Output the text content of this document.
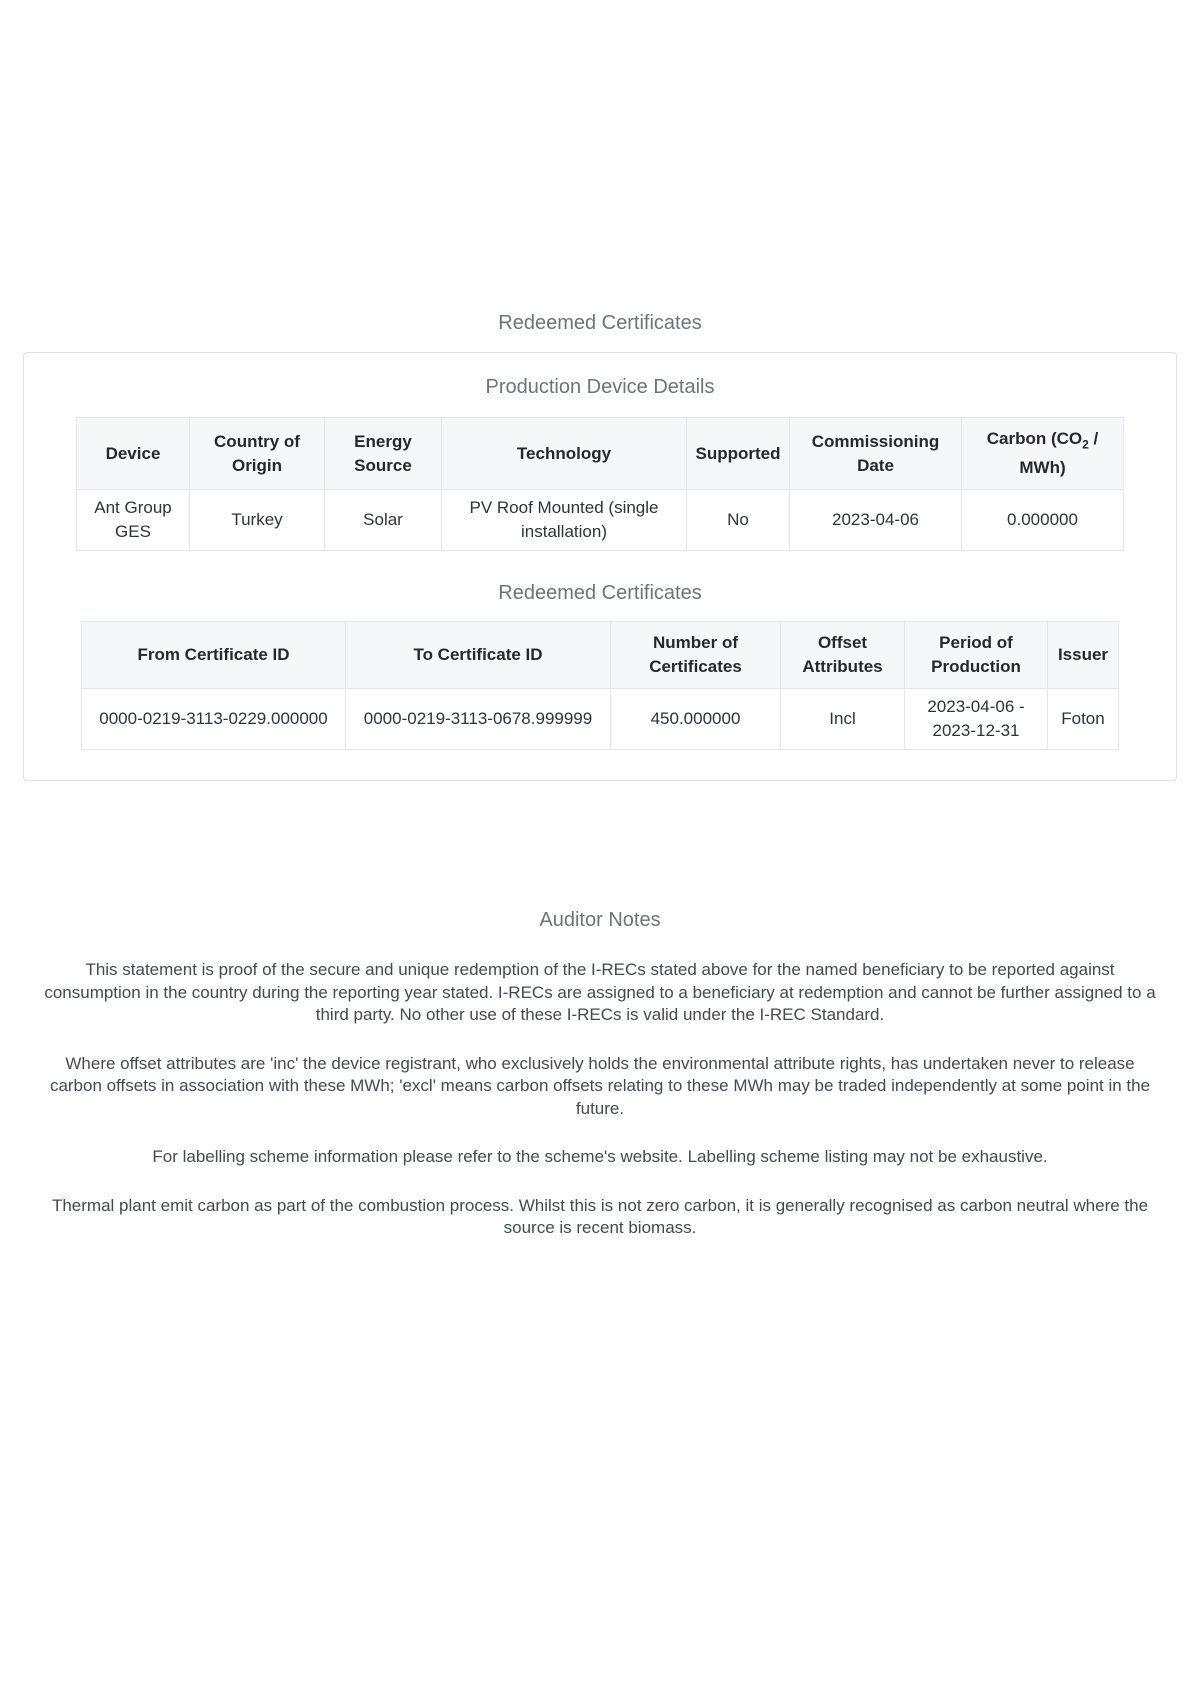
Redeemed Certificates
Production Device Details
Device	Country of Origin	Energy Source	Technology	Supported	Commissioning Date	Carbon $(CO_2 / MWh)$
Ant Group GES	Turkey	Solar	PV Roof Mounted (single installation)	No	2023-04-06	0.000000
Redeemed Certificates
From Certificate ID	To Certificate ID	Number of Certificates	Offset Attributes	Period of Production	Issuer
0000-0219-3113-0229.000000	0000-0219-3113-0678.999999	450.000000	Incl	2023-04-06 - 2023-12-31	Foton
Auditor Notes

This statement is proof of the secure and unique redemption of the I-RECs stated above for the named beneficiary to be reported against consumption in the country during the reporting year stated. I-RECs are assigned to a beneficiary at redemption and cannot be further assigned to a third party. No other use of these I-RECs is valid under the I-REC Standard.

Where offset attributes are 'inc' the device registrant, who exclusively holds the environmental attribute rights, has undertaken never to release carbon offsets in association with these MWh; 'excl' means carbon offsets relating to these MWh may be traded independently at some point in the future.

For labelling scheme information please refer to the scheme's website. Labelling scheme listing may not be exhaustive.

Thermal plant emit carbon as part of the combustion process. Whilst this is not zero carbon, it is generally recognised as carbon neutral where the source is recent biomass.
